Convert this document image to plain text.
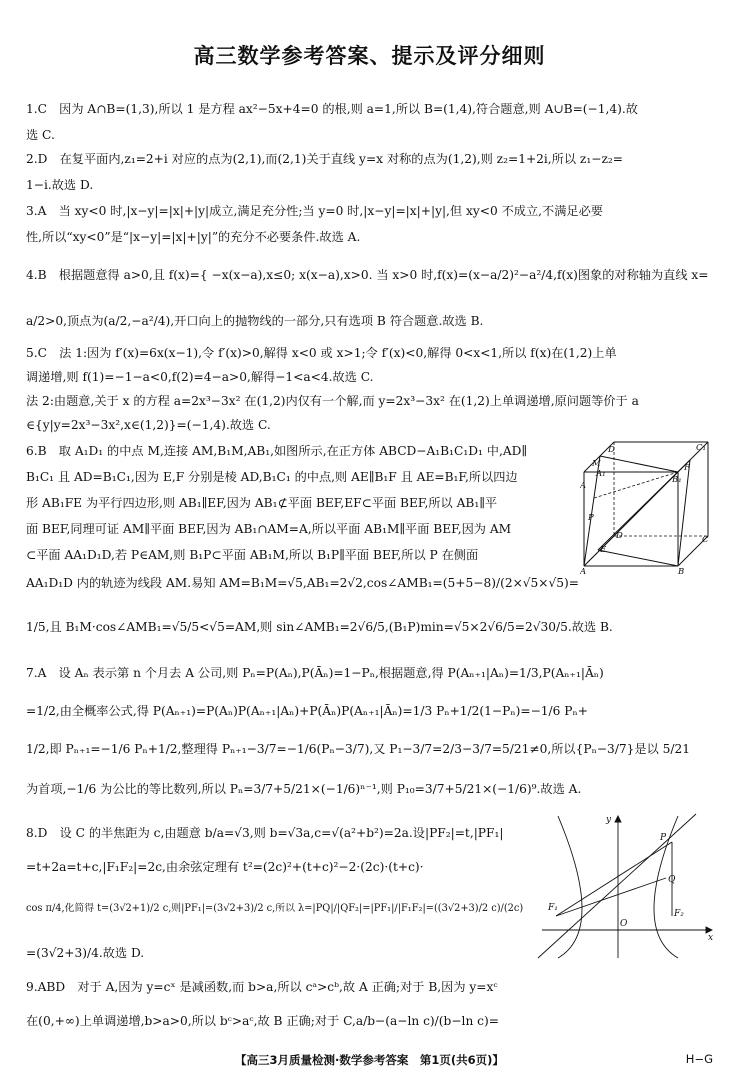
高三数学参考答案、提示及评分细则
1.C　因为 A∩B=(1,3),所以 1 是方程 ax²−5x+4=0 的根,则 a=1,所以 B=(1,4),符合题意,则 A∪B=(−1,4).故
选 C.
2.D　在复平面内,z₁=2+i 对应的点为(2,1),而(2,1)关于直线 y=x 对称的点为(1,2),则 z₂=1+2i,所以 z₁−z₂=
1−i.故选 D.
3.A　当 xy<0 时,|x−y|=|x|+|y|成立,满足充分性;当 y=0 时,|x−y|=|x|+|y|,但 xy<0 不成立,不满足必要
性,所以“xy<0”是“|x−y|=|x|+|y|”的充分不必要条件.故选 A.
4.B　根据题意得 a>0,且 f(x)={ −x(x−a),x≤0; x(x−a),x>0. 当 x>0 时,f(x)=(x−a/2)²−a²/4,f(x)图象的对称轴为直线 x=
a/2>0,顶点为(a/2,−a²/4),开口向上的抛物线的一部分,只有选项 B 符合题意.故选 B.
5.C　法 1:因为 f′(x)=6x(x−1),令 f′(x)>0,解得 x<0 或 x>1;令 f′(x)<0,解得 0<x<1,所以 f(x)在(1,2)上单
调递增,则 f(1)=−1−a<0,f(2)=4−a>0,解得−1<a<4.故选 C.
法 2:由题意,关于 x 的方程 a=2x³−3x² 在(1,2)内仅有一个解,而 y=2x³−3x² 在(1,2)上单调递增,原问题等价于 a
∈{y|y=2x³−3x²,x∈(1,2)}=(−1,4).故选 C.
6.B　取 A₁D₁ 的中点 M,连接 AM,B₁M,AB₁,如图所示,在正方体 ABCD−A₁B₁C₁D₁ 中,AD∥
B₁C₁ 且 AD=B₁C₁,因为 E,F 分别是棱 AD,B₁C₁ 的中点,则 AE∥B₁F 且 AE=B₁F,所以四边
形 AB₁FE 为平行四边形,则 AB₁∥EF,因为 AB₁⊄平面 BEF,EF⊂平面 BEF,所以 AB₁∥平
面 BEF,同理可证 AM∥平面 BEF,因为 AB₁∩AM=A,所以平面 AB₁M∥平面 BEF,因为 AM
⊂平面 AA₁D₁D,若 P∈AM,则 B₁P⊂平面 AB₁M,所以 B₁P∥平面 BEF,所以 P 在侧面
AA₁D₁D 内的轨迹为线段 AM.易知 AM=B₁M=√5,AB₁=2√2,cos∠AMB₁=(5+5−8)/(2×√5×√5)=
1/5,且 B₁M·cos∠AMB₁=√5/5<√5=AM,则 sin∠AMB₁=2√6/5,(B₁P)min=√5×2√6/5=2√30/5.故选 B.
7.A　设 Aₙ 表示第 n 个月去 A 公司,则 Pₙ=P(Aₙ),P(Āₙ)=1−Pₙ,根据题意,得 P(Aₙ₊₁|Aₙ)=1/3,P(Aₙ₊₁|Āₙ)
=1/2,由全概率公式,得 P(Aₙ₊₁)=P(Aₙ)P(Aₙ₊₁|Aₙ)+P(Āₙ)P(Aₙ₊₁|Āₙ)=1/3 Pₙ+1/2(1−Pₙ)=−1/6 Pₙ+
1/2,即 Pₙ₊₁=−1/6 Pₙ+1/2,整理得 Pₙ₊₁−3/7=−1/6(Pₙ−3/7),又 P₁−3/7=2/3−3/7=5/21≠0,所以{Pₙ−3/7}是以 5/21
为首项,−1/6 为公比的等比数列,所以 Pₙ=3/7+5/21×(−1/6)ⁿ⁻¹,则 P₁₀=3/7+5/21×(−1/6)⁹.故选 A.
8.D　设 C 的半焦距为 c,由题意 b/a=√3,则 b=√3a,c=√(a²+b²)=2a.设|PF₂|=t,|PF₁|
=t+2a=t+c,|F₁F₂|=2c,由余弦定理有 t²=(2c)²+(t+c)²−2·(2c)·(t+c)·
cos π/4,化简得 t=(3√2+1)/2 c,则|PF₁|=(3√2+3)/2 c,所以 λ=|PQ|/|QF₂|=|PF₁|/|F₁F₂|=((3√2+3)/2 c)/(2c)
=(3√2+3)/4.故选 D.
9.ABD　对于 A,因为 y=cˣ 是减函数,而 b>a,所以 cᵃ>cᵇ,故 A 正确;对于 B,因为 y=xᶜ
在(0,+∞)上单调递增,b>a>0,所以 bᶜ>aᶜ,故 B 正确;对于 C,a/b−(a−ln c)/(b−ln c)=
D	C₁
M
A₁
F
B₁
A
P
D
E
C
A	B
y
P
Q
F₁
O
F₂
x
【高三3月质量检测·数学参考答案　第1页(共6页)】	H−G
